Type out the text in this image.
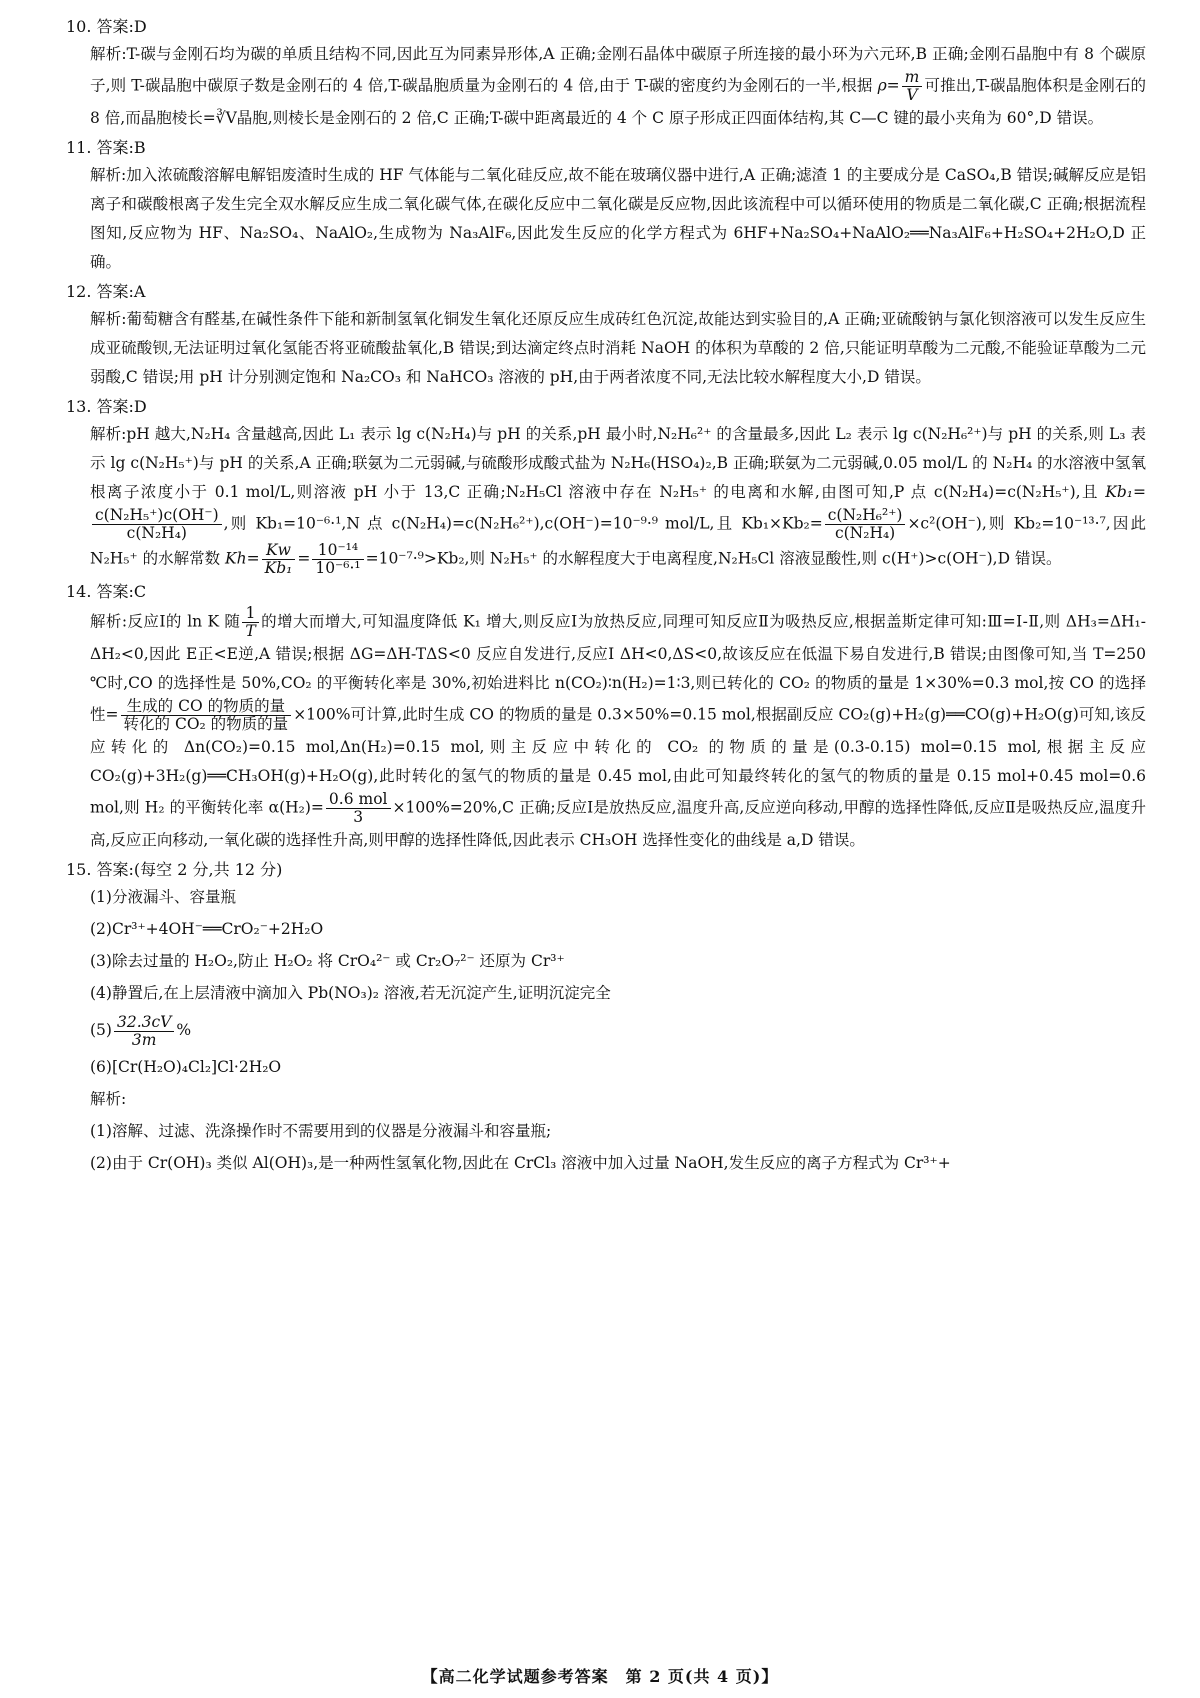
10. 答案:D

解析:T-碳与金刚石均为碳的单质且结构不同,因此互为同素异形体,A 正确;金刚石晶体中碳原子所连接的最小环为六元环,B 正确;金刚石晶胞中有 8 个碳原子,则 T-碳晶胞中碳原子数是金刚石的 4 倍,T-碳晶胞质量为金刚石的 4 倍,由于 T-碳的密度约为金刚石的一半,根据 $\rho= \frac{m}{V}$ 可推出,T-碳晶胞体积是金刚石的 8 倍,而晶胞棱长=∛V晶胞,则棱长是金刚石的 2 倍,C 正确;T-碳中距离最近的 4 个 C 原子形成正四面体结构,其 C—C 键的最小夹角为 60°,D 错误。

11. 答案:B

解析:加入浓硫酸溶解电解铝废渣时生成的 HF 气体能与二氧化硅反应,故不能在玻璃仪器中进行,A 正确;滤渣 1 的主要成分是 CaSO₄,B 错误;碱解反应是铝离子和碳酸根离子发生完全双水解反应生成二氧化碳气体,在碳化反应中二氧化碳是反应物,因此该流程中可以循环使用的物质是二氧化碳,C 正确;根据流程图知,反应物为 HF、Na₂SO₄、NaAlO₂,生成物为 Na₃AlF₆,因此发生反应的化学方程式为 6HF+Na₂SO₄+NaAlO₂══Na₃AlF₆+H₂SO₄+2H₂O,D 正确。

12. 答案:A

解析:葡萄糖含有醛基,在碱性条件下能和新制氢氧化铜发生氧化还原反应生成砖红色沉淀,故能达到实验目的,A 正确;亚硫酸钠与氯化钡溶液可以发生反应生成亚硫酸钡,无法证明过氧化氢能否将亚硫酸盐氧化,B 错误;到达滴定终点时消耗 NaOH 的体积为草酸的 2 倍,只能证明草酸为二元酸,不能验证草酸为二元弱酸,C 错误;用 pH 计分别测定饱和 Na₂CO₃ 和 NaHCO₃ 溶液的 pH,由于两者浓度不同,无法比较水解程度大小,D 错误。

13. 答案:D

解析:pH 越大,N₂H₄ 含量越高,因此 L₁ 表示 lg c(N₂H₄)与 pH 的关系,pH 最小时,N₂H₆²⁺ 的含量最多,因此 L₂ 表示 lg c(N₂H₆²⁺)与 pH 的关系,则 L₃ 表示 lg c(N₂H₅⁺)与 pH 的关系,A 正确;联氨为二元弱碱,与硫酸形成酸式盐为 N₂H₆(HSO₄)₂,B 正确;联氨为二元弱碱,0.05 mol/L 的 N₂H₄ 的水溶液中氢氧根离子浓度小于 0.1 mol/L,则溶液 pH 小于 13,C 正确;N₂H₅Cl 溶液中存在 N₂H₅⁺ 的电离和水解,由图可知,P 点 c(N₂H₄)=c(N₂H₅⁺),且 Kb₁=
$\frac{\text{c(N₂H₅⁺)c(OH⁻)}}{\text{c(N₂H₄)}}$ ,则 Kb₁=10⁻⁶·¹,N 点 c(N₂H₄)=c(N₂H₆²⁺),c(OH⁻)=10⁻⁹·⁹ mol/L,且 $Kb_1\times Kb_2= \frac{\text{c(N₂H₆²⁺)}}{\text{c(N₂H₄)}} \times c^2(OH^-)$,则 Kb₂=10⁻¹³·⁷,因此 N₂H₅⁺ 的水解常数 $Kh= \frac{Kw}{\text{Kb₁}} = \frac{\text{10⁻¹⁴}}{\text{10⁻⁶·¹}} =10^{-7}\cdot^9>Kb_2$,则 N₂H₅⁺ 的水解程度大于电离程度,N₂H₅Cl 溶液显酸性,则 c(H⁺)>c(OH⁻),D 错误。

14. 答案:C

解析:反应Ⅰ的 ln K 随 $\frac{1}{T}$ 的增大而增大,可知温度降低 K₁ 增大,则反应Ⅰ为放热反应,同理可知反应Ⅱ为吸热反应,根据盖斯定律可知:Ⅲ=Ⅰ-Ⅱ,则 ΔH₃=ΔH₁-ΔH₂<0,因此 E正<E逆,A 错误;根据 ΔG=ΔH-TΔS<0 反应自发进行,反应Ⅰ ΔH<0,ΔS<0,故该反应在低温下易自发进行,B 错误;由图像可知,当 T=250 ℃时,CO 的选择性是 50%,CO₂ 的平衡转化率是 30%,初始进料比 n(CO₂)∶n(H₂)=1∶3,则已转化的 CO₂ 的物质的量是 1×30%=0.3 mol,按 CO 的选择性= 生成的 CO 的物质的量
转化的 CO₂ 的物质的量
×100%可计算,此时生成 CO 的物质的量是 0.3×50%=0.15 mol,根据副反应 CO₂(g)+H₂(g)══CO(g)+H₂O(g)可知,该反应转化的 Δn(CO₂)=0.15 mol,Δn(H₂)=0.15 mol,则主反应中转化的 CO₂ 的物质的量是(0.3-0.15) mol=0.15 mol,根据主反应 CO₂(g)+3H₂(g)══CH₃OH(g)+H₂O(g),此时转化的氢气的物质的量是 0.45 mol,由此可知最终转化的氢气的物质的量是 0.15 mol+0.45 mol=0.6 mol,则 H₂ 的平衡转化率 α(H₂)= 0.6 mol
3
×100%=20%,C 正确;反应Ⅰ是放热反应,温度升高,反应逆向移动,甲醇的选择性降低,反应Ⅱ是吸热反应,温度升高,反应正向移动,一氧化碳的选择性升高,则甲醇的选择性降低,因此表示 CH₃OH 选择性变化的曲线是 a,D 错误。

15. 答案:(每空 2 分,共 12 分)

(1)分液漏斗、容量瓶

(2)Cr³⁺+4OH⁻══CrO₂⁻+2H₂O

(3)除去过量的 H₂O₂,防止 H₂O₂ 将 CrO₄²⁻ 或 Cr₂O₇²⁻ 还原为 Cr³⁺

(4)静置后,在上层清液中滴加入 Pb(NO₃)₂ 溶液,若无沉淀产生,证明沉淀完全

$(5) \frac{32.3cV}{3m}$ %

(6)[Cr(H₂O)₄Cl₂]Cl·2H₂O

解析:

(1)溶解、过滤、洗涤操作时不需要用到的仪器是分液漏斗和容量瓶;

(2)由于 Cr(OH)₃ 类似 Al(OH)₃,是一种两性氢氧化物,因此在 CrCl₃ 溶液中加入过量 NaOH,发生反应的离子方程式为 Cr³⁺+

【高二化学试题参考答案　第 2 页(共 4 页)】
